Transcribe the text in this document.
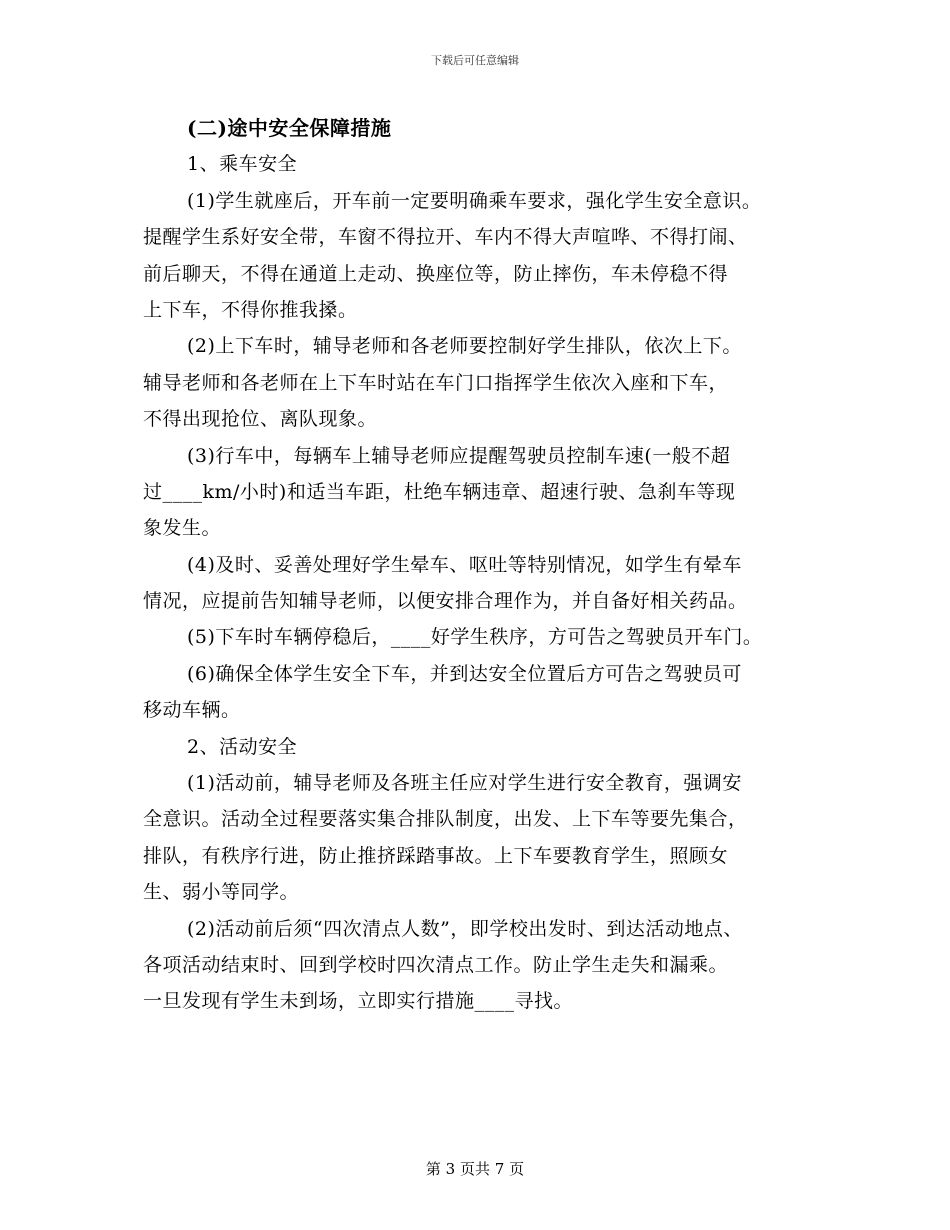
下载后可任意编辑
(二)途中安全保障措施
1、乘车安全
(1)学生就座后，开车前一定要明确乘车要求，强化学生安全意识。
提醒学生系好安全带，车窗不得拉开、车内不得大声喧哗、不得打闹、
前后聊天，不得在通道上走动、换座位等，防止摔伤，车未停稳不得
上下车，不得你推我搡。
(2)上下车时，辅导老师和各老师要控制好学生排队，依次上下。
辅导老师和各老师在上下车时站在车门口指挥学生依次入座和下车，
不得出现抢位、离队现象。
(3)行车中，每辆车上辅导老师应提醒驾驶员控制车速(一般不超
过____km/小时)和适当车距，杜绝车辆违章、超速行驶、急刹车等现
象发生。
(4)及时、妥善处理好学生晕车、呕吐等特别情况，如学生有晕车
情况，应提前告知辅导老师，以便安排合理作为，并自备好相关药品。
(5)下车时车辆停稳后，____好学生秩序，方可告之驾驶员开车门。
(6)确保全体学生安全下车，并到达安全位置后方可告之驾驶员可
移动车辆。
2、活动安全
(1)活动前，辅导老师及各班主任应对学生进行安全教育，强调安
全意识。活动全过程要落实集合排队制度，出发、上下车等要先集合，
排队，有秩序行进，防止推挤踩踏事故。上下车要教育学生，照顾女
生、弱小等同学。
(2)活动前后须“四次清点人数”，即学校出发时、到达活动地点、
各项活动结束时、回到学校时四次清点工作。防止学生走失和漏乘。
一旦发现有学生未到场，立即实行措施____寻找。
第 3 页共 7 页
